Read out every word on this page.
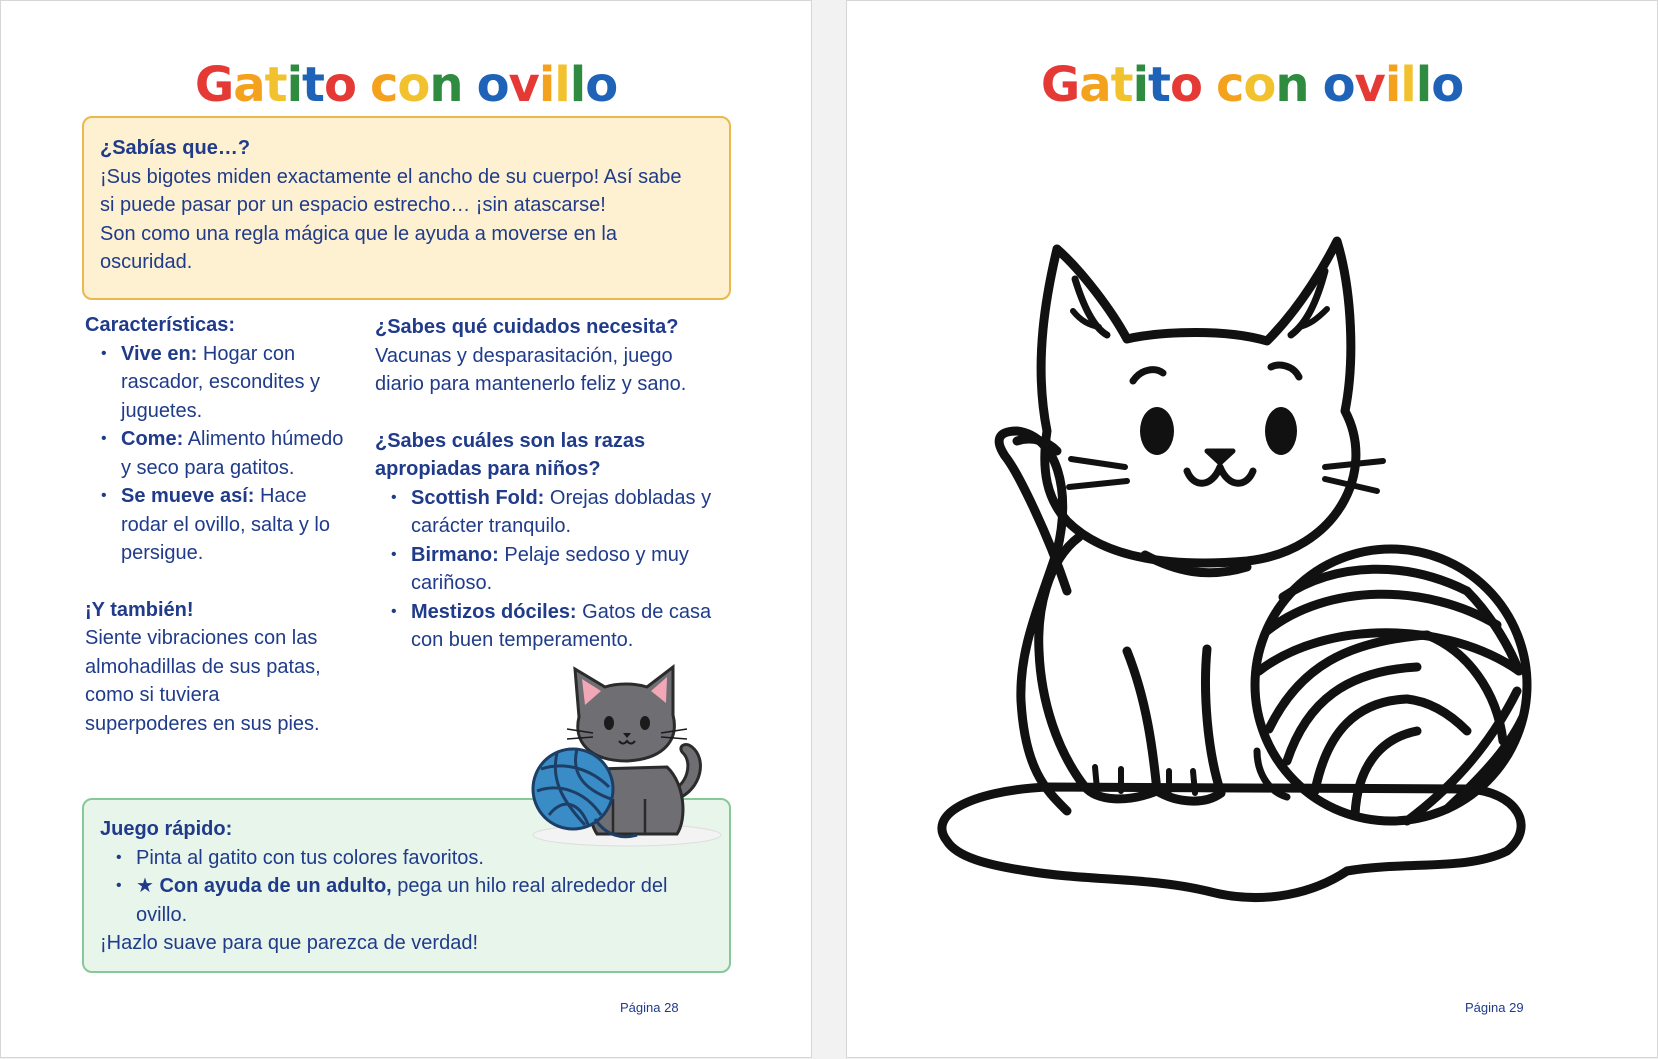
Gatito con ovillo
¿Sabías que…?
¡Sus bigotes miden exactamente el ancho de su cuerpo! Así sabe
si puede pasar por un espacio estrecho… ¡sin atascarse!
Son como una regla mágica que le ayuda a moverse en la
oscuridad.
Características:
• Vive en: Hogar con rascador, escondites y juguetes.
• Come: Alimento húmedo y seco para gatitos.
• Se mueve así: Hace rodar el ovillo, salta y lo persigue.
¡Y también!
Siente vibraciones con las
almohadillas de sus patas,
como si tuviera
superpoderes en sus pies.
¿Sabes qué cuidados necesita?
Vacunas y desparasitación, juego
diario para mantenerlo feliz y sano.
¿Sabes cuáles son las razas
apropiadas para niños?
• Scottish Fold: Orejas dobladas y carácter tranquilo.
• Birmano: Pelaje sedoso y muy cariñoso.
• Mestizos dóciles: Gatos de casa con buen temperamento.
Juego rápido:
• Pinta al gatito con tus colores favoritos.
• ★ Con ayuda de un adulto, pega un hilo real alrededor del ovillo.
¡Hazlo suave para que parezca de verdad!
Página 28
Gatito con ovillo
Página 29
